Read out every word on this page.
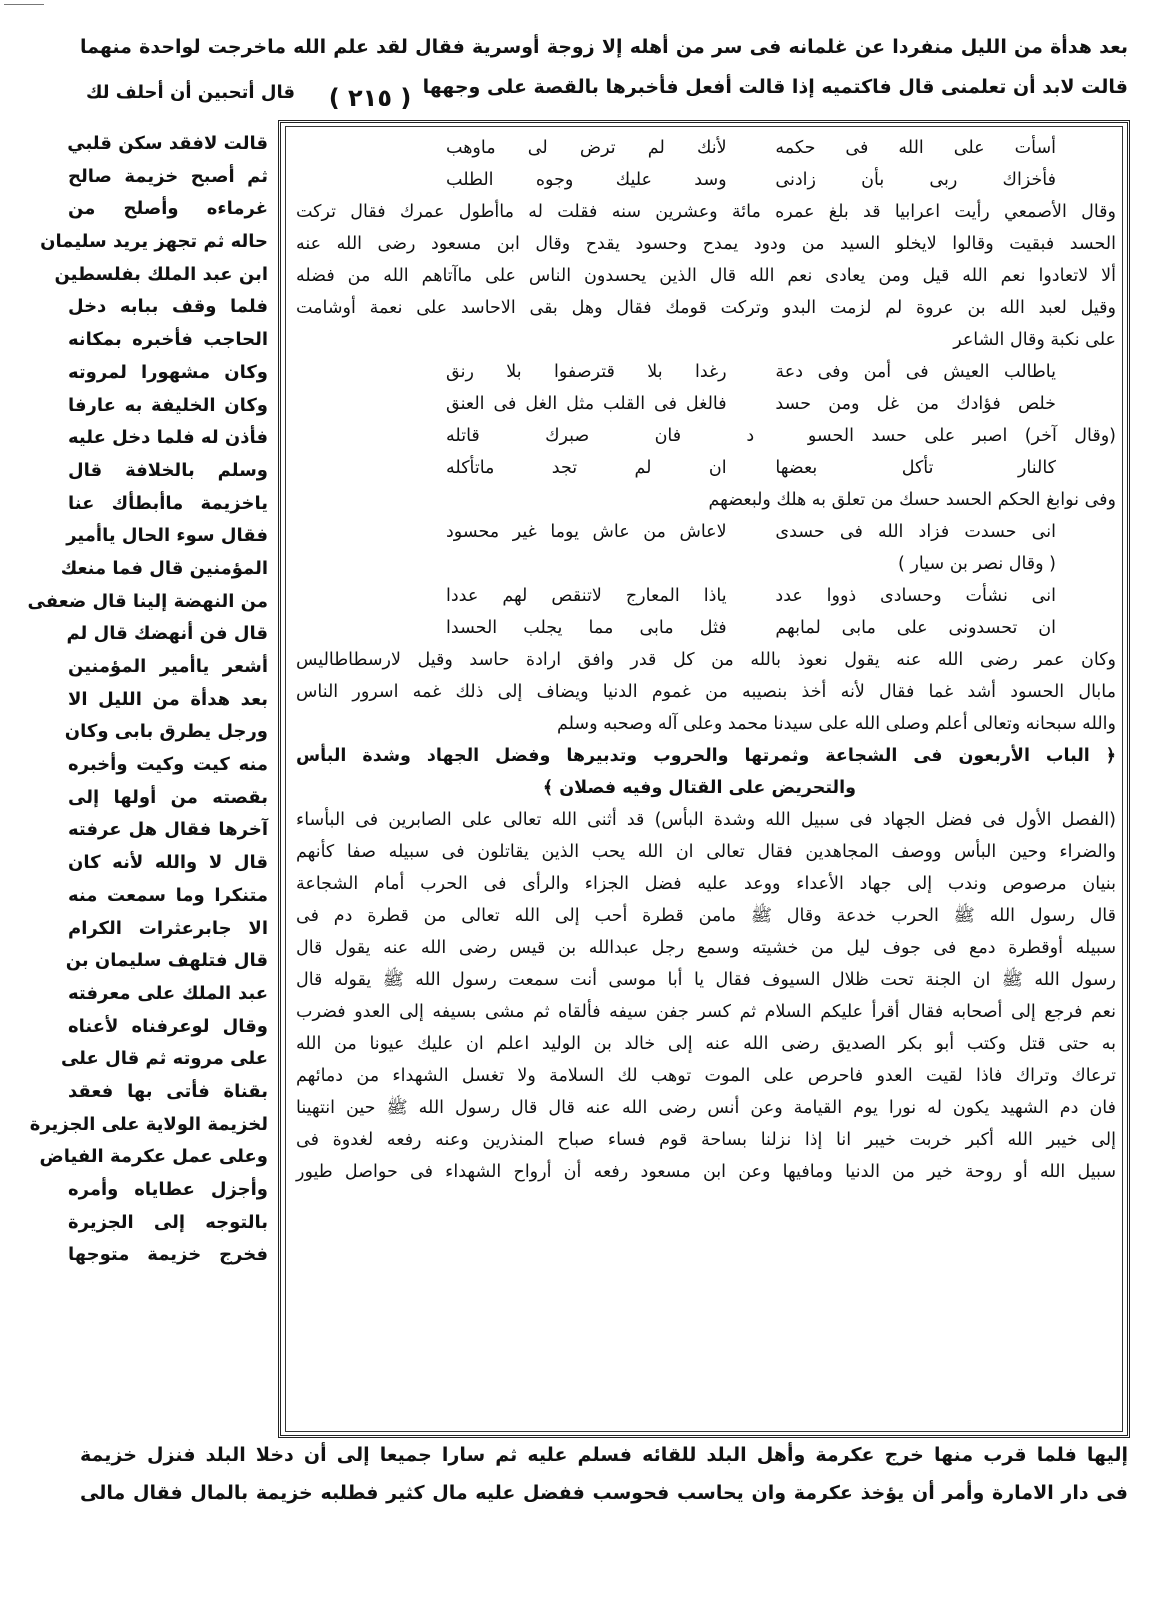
بعد هدأة من الليل منفردا عن غلمانه فى سر من أهله إلا زوجة أوسرية فقال لقد علم الله ماخرجت لواحدة منهما
قالت لابد أن تعلمنى قال فاكتميه إذا قالت أفعل فأخبرها بالقصة على وجهها
( ٢١٥ )
قال أتحبين أن أحلف لك
قالت لافقد سكن قلبي
ثم أصبح خزيمة صالح
غرماءه وأصلح من
حاله ثم تجهز يريد سليمان
ابن عبد الملك بفلسطين
فلما وقف ببابه دخل
الحاجب فأخبره بمكانه
وكان مشهورا لمروته
وكان الخليفة به عارفا
فأذن له فلما دخل عليه
وسلم بالخلافة قال
ياخزيمة ماأبطأك عنا
فقال سوء الحال ياأمير
المؤمنين قال فما منعك
من النهضة إلينا قال ضعفى
قال فن أنهضك قال لم
أشعر ياأمير المؤمنين
بعد هدأة من الليل الا
ورجل يطرق بابى وكان
منه كيت وكيت وأخبره
بقصته من أولها إلى
آخرها فقال هل عرفته
قال لا والله لأنه كان
متنكرا وما سمعت منه
الا جابرعثرات الكرام
قال فتلهف سليمان بن
عبد الملك على معرفته
وقال لوعرفناه لأعناه
على مروته ثم قال على
بقناة فأتى بها فعقد
لخزيمة الولاية على الجزيرة
وعلى عمل عكرمة الفياض
وأجزل عطاياه وأمره
بالتوجه إلى الجزيرة
فخرج خزيمة متوجها
أسأت على الله فى حكمه
لأنك لم ترض لى ماوهب
فأخزاك ربى بأن زادنى
وسد عليك وجوه الطلب
وقال الأصمعي رأيت اعرابيا قد بلغ عمره مائة وعشرين سنه فقلت له ماأطول عمرك فقال تركت
الحسد فبقيت وقالوا لايخلو السيد من ودود يمدح وحسود يقدح وقال ابن مسعود رضى الله عنه
ألا لاتعادوا نعم الله قيل ومن يعادى نعم الله قال الذين يحسدون الناس على ماآتاهم الله من فضله
وقيل لعبد الله بن عروة لم لزمت البدو وتركت قومك فقال وهل بقى الاحاسد على نعمة أوشامت
على نكبة وقال الشاعر
ياطالب العيش فى أمن وفى دعة
رغدا بلا قترصفوا بلا رنق
خلص فؤادك من غل ومن حسد
فالغل فى القلب مثل الغل فى العنق
(وقال آخر) اصبر على حسد الحسو
د فان صبرك قاتله
كالنار تأكل بعضها
ان لم تجد ماتأكله
وفى نوابغ الحكم الحسد حسك من تعلق به هلك ولبعضهم
انى حسدت فزاد الله فى حسدى
لاعاش من عاش يوما غير محسود
( وقال نصر بن سيار )
انى نشأت وحسادى ذووا عدد
ياذا المعارج لاتنقص لهم عددا
ان تحسدونى على مابى لمابهم
فثل مابى مما يجلب الحسدا
وكان عمر رضى الله عنه يقول نعوذ بالله من كل قدر وافق ارادة حاسد وقيل لارسطاطاليس
مابال الحسود أشد غما فقال لأنه أخذ بنصيبه من غموم الدنيا ويضاف إلى ذلك غمه اسرور الناس
والله سبحانه وتعالى أعلم وصلى الله على سيدنا محمد وعلى آله وصحبه وسلم
﴿ الباب الأربعون فى الشجاعة وثمرتها والحروب وتدبيرها وفضل الجهاد وشدة البأس
والتحريض على القتال وفيه فصلان ﴾
(الفصل الأول فى فضل الجهاد فى سبيل الله وشدة البأس) قد أثنى الله تعالى على الصابرين فى البأساء
والضراء وحين البأس ووصف المجاهدين فقال تعالى ان الله يحب الذين يقاتلون فى سبيله صفا كأنهم
بنيان مرصوص وندب إلى جهاد الأعداء ووعد عليه فضل الجزاء والرأى فى الحرب أمام الشجاعة
قال رسول الله ﷺ الحرب خدعة وقال ﷺ مامن قطرة أحب إلى الله تعالى من قطرة دم فى
سبيله أوقطرة دمع فى جوف ليل من خشيته وسمع رجل عبدالله بن قيس رضى الله عنه يقول قال
رسول الله ﷺ ان الجنة تحت ظلال السيوف فقال يا أبا موسى أنت سمعت رسول الله ﷺ يقوله قال
نعم فرجع إلى أصحابه فقال أقرأ عليكم السلام ثم كسر جفن سيفه فألقاه ثم مشى بسيفه إلى العدو فضرب
به حتى قتل وكتب أبو بكر الصديق رضى الله عنه إلى خالد بن الوليد اعلم ان عليك عيونا من الله
ترعاك وتراك فاذا لقيت العدو فاحرص على الموت توهب لك السلامة ولا تغسل الشهداء من دمائهم
فان دم الشهيد يكون له نورا يوم القيامة وعن أنس رضى الله عنه قال قال رسول الله ﷺ حين انتهينا
إلى خيبر الله أكبر خربت خيبر انا إذا نزلنا بساحة قوم فساء صباح المنذرين وعنه رفعه لغدوة فى
سبيل الله أو روحة خير من الدنيا ومافيها وعن ابن مسعود رفعه أن أرواح الشهداء فى حواصل طيور
إليها فلما قرب منها خرج عكرمة وأهل البلد للقائه فسلم عليه ثم سارا جميعا إلى أن دخلا البلد فنزل خزيمة
فى دار الامارة وأمر أن يؤخذ عكرمة وان يحاسب فحوسب ففضل عليه مال كثير فطلبه خزيمة بالمال فقال مالى
